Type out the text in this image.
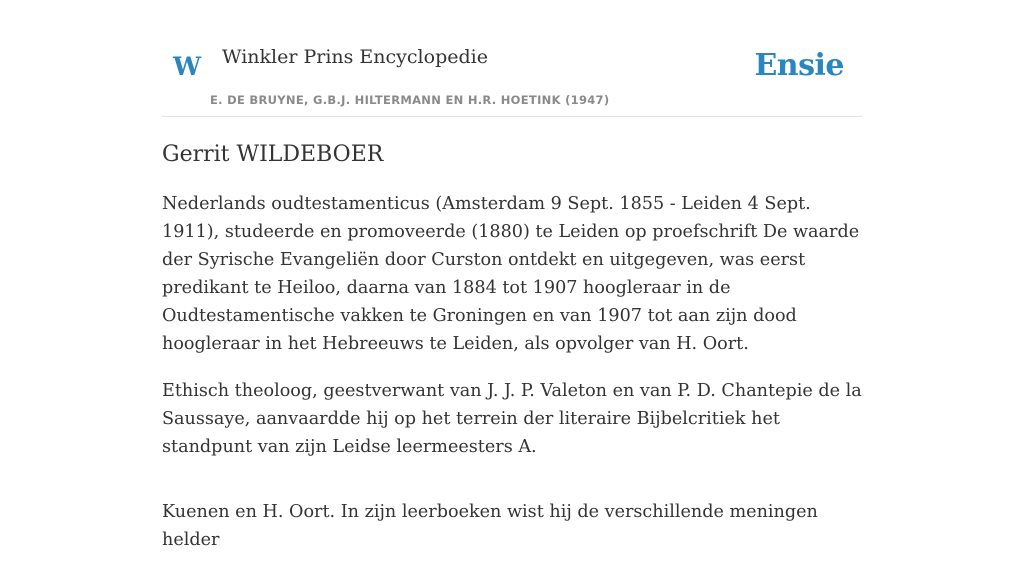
W Winkler Prins Encyclopedie
E. DE BRUYNE, G.B.J. HILTERMANN EN H.R. HOETINK (1947)
Ensie
Gerrit WILDEBOER

Nederlands oudtestamenticus (Amsterdam 9 Sept. 1855 - Leiden 4 Sept. 1911), studeerde en promoveerde (1880) te Leiden op proefschrift De waarde der Syrische Evangeliën door Curston ontdekt en uitgegeven, was eerst predikant te Heiloo, daarna van 1884 tot 1907 hoogleraar in de Oudtestamentische vakken te Groningen en van 1907 tot aan zijn dood hoogleraar in het Hebreeuws te Leiden, als opvolger van H. Oort.

Ethisch theoloog, geestverwant van J. J. P. Valeton en van P. D. Chantepie de la Saussaye, aanvaardde hij op het terrein der literaire Bijbelcritiek het standpunt van zijn Leidse leermeesters A.

Kuenen en H. Oort. In zijn leerboeken wist hij de verschillende meningen helder
